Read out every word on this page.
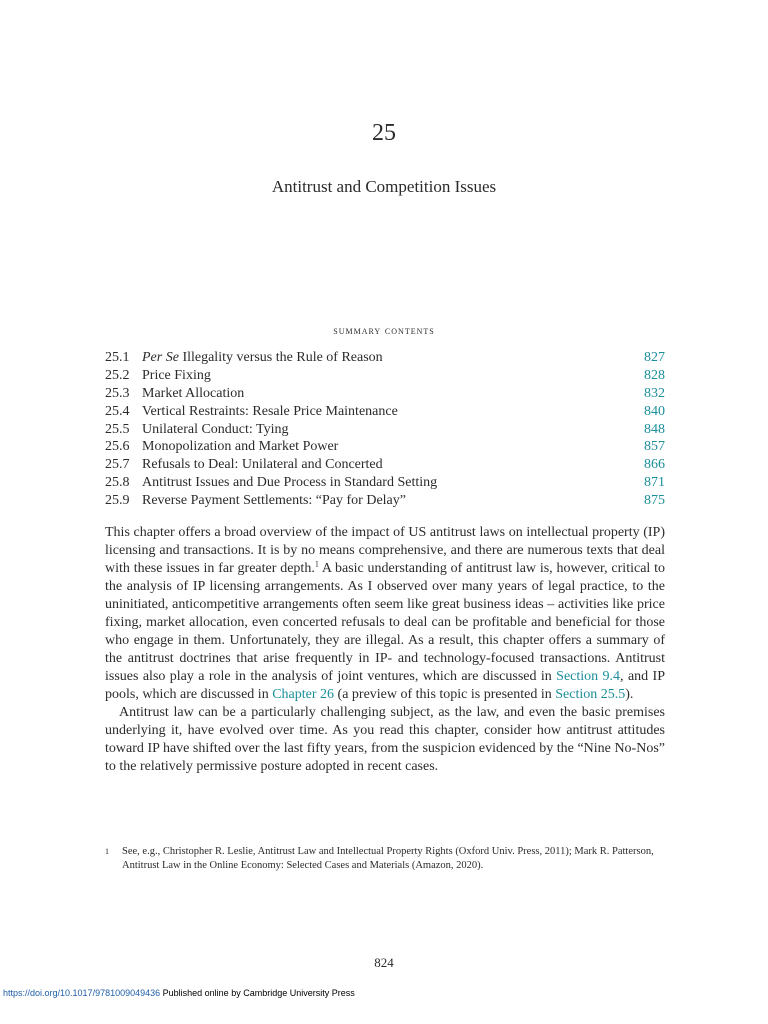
25
Antitrust and Competition Issues
summary contents
25.1 Per Se Illegality versus the Rule of Reason	827
25.2 Price Fixing	828
25.3 Market Allocation	832
25.4 Vertical Restraints: Resale Price Maintenance	840
25.5 Unilateral Conduct: Tying	848
25.6 Monopolization and Market Power	857
25.7 Refusals to Deal: Unilateral and Concerted	866
25.8 Antitrust Issues and Due Process in Standard Setting	871
25.9 Reverse Payment Settlements: “Pay for Delay”	875

This chapter offers a broad overview of the impact of US antitrust laws on intellectual property (IP) licensing and transactions. It is by no means comprehensive, and there are numerous texts that deal with these issues in far greater depth.$^1$ A basic understanding of antitrust law is, however, critical to the analysis of IP licensing arrangements. As I observed over many years of legal practice, to the uninitiated, anticompetitive arrangements often seem like great business ideas – activities like price fixing, market allocation, even concerted refusals to deal can be profitable and beneficial for those who engage in them. Unfortunately, they are illegal. As a result, this chapter offers a summary of the antitrust doctrines that arise frequently in IP- and technology-focused transactions. Antitrust issues also play a role in the analysis of joint ventures, which are discussed in Section 9.4, and IP pools, which are discussed in Chapter 26 (a preview of this topic is presented in Section 25.5).

Antitrust law can be a particularly challenging subject, as the law, and even the basic premises underlying it, have evolved over time. As you read this chapter, consider how antitrust attitudes toward IP have shifted over the last fifty years, from the suspicion evidenced by the “Nine No-Nos” to the relatively permissive posture adopted in recent cases.

1	See, e.g., Christopher R. Leslie, Antitrust Law and Intellectual Property Rights (Oxford Univ. Press, 2011); Mark R. Patterson, Antitrust Law in the Online Economy: Selected Cases and Materials (Amazon, 2020).
824
https://doi.org/10.1017/9781009049436 Published online by Cambridge University Press
